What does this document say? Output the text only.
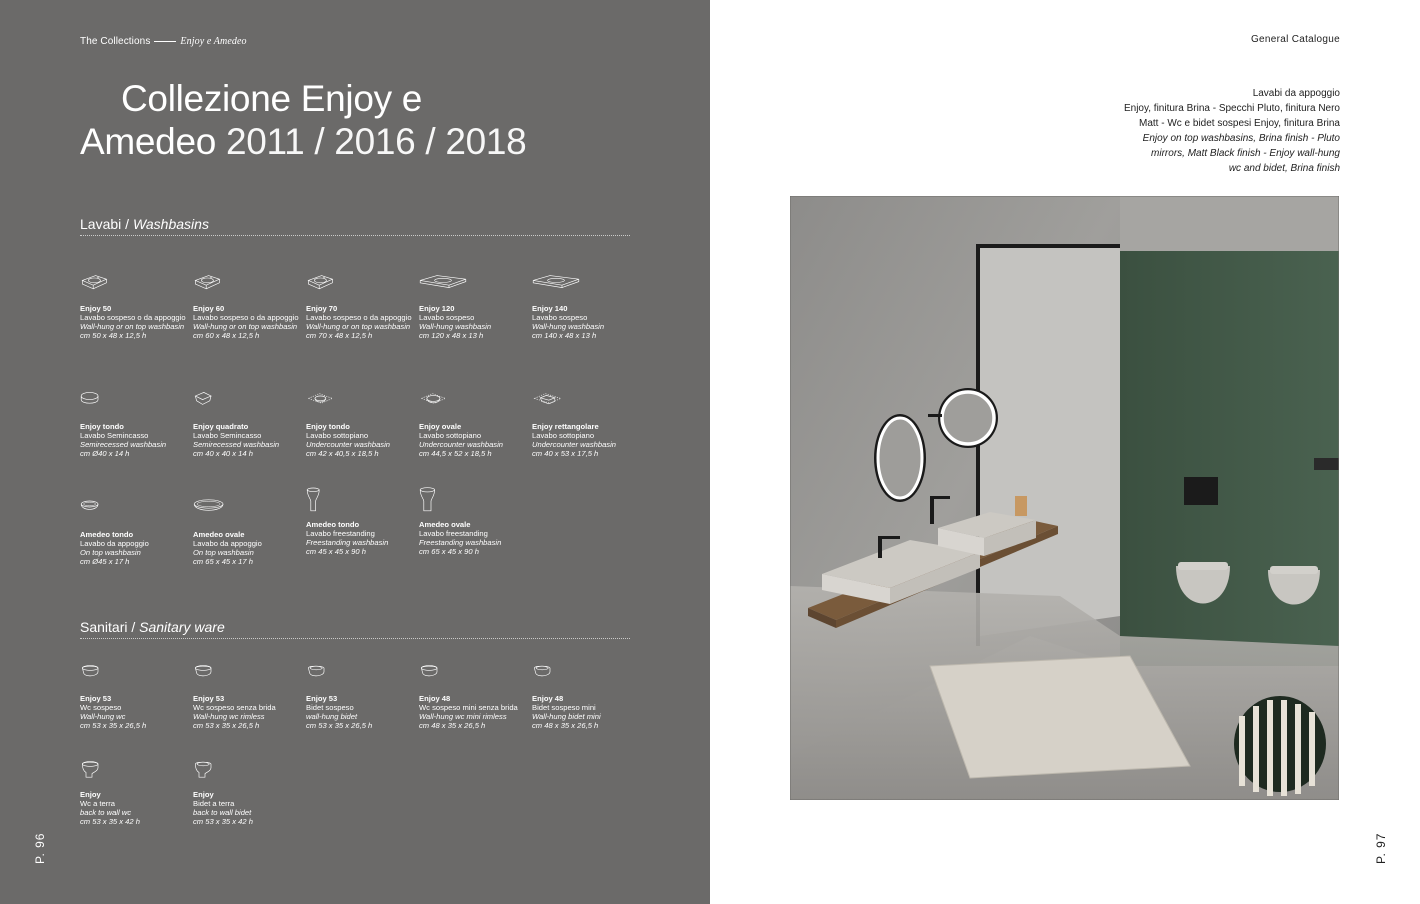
The Collections	Enjoy e Amedeo
Collezione Enjoy e
Amedeo 2011 / 2016 / 2018
Lavabi / Washbasins
Sanitari / Sanitary ware
Enjoy 50
Lavabo sospeso o da appoggio
Wall-hung or on top washbasin
cm 50 x 48 x 12,5 h
Enjoy 60
Lavabo sospeso o da appoggio
Wall-hung or on top washbasin
cm 60 x 48 x 12,5 h
Enjoy 70
Lavabo sospeso o da appoggio
Wall-hung or on top washbasin
cm 70 x 48 x 12,5 h
Enjoy 120
Lavabo sospeso
Wall-hung washbasin
cm 120 x 48 x 13 h
Enjoy 140
Lavabo sospeso
Wall-hung washbasin
cm 140 x 48 x 13 h
Enjoy tondo
Lavabo Semincasso
Semirecessed washbasin
cm Ø40 x 14 h
Enjoy quadrato
Lavabo Semincasso
Semirecessed washbasin
cm 40 x 40 x 14 h
Enjoy tondo
Lavabo sottopiano
Undercounter washbasin
cm 42 x 40,5 x 18,5 h
Enjoy ovale
Lavabo sottopiano
Undercounter washbasin
cm 44,5 x 52 x 18,5 h
Enjoy rettangolare
Lavabo sottopiano
Undercounter washbasin
cm 40 x 53 x 17,5 h
Amedeo tondo
Lavabo da appoggio
On top washbasin
cm Ø45 x 17 h
Amedeo ovale
Lavabo da appoggio
On top washbasin
cm 65 x 45 x 17 h
Amedeo tondo
Lavabo freestanding
Freestanding washbasin
cm 45 x 45 x 90 h
Amedeo ovale
Lavabo freestanding
Freestanding washbasin
cm 65 x 45 x 90 h
Enjoy 53
Wc sospeso
Wall-hung wc
cm 53 x 35 x 26,5 h
Enjoy 53
Wc sospeso senza brida
Wall-hung wc rimless
cm 53 x 35 x 26,5 h
Enjoy 53
Bidet sospeso
wall-hung bidet
cm 53 x 35 x 26,5 h
Enjoy 48
Wc sospeso mini senza brida
Wall-hung wc mini rimless
cm 48 x 35 x 26,5 h
Enjoy 48
Bidet sospeso mini
Wall-hung bidet mini
cm 48 x 35 x 26,5 h
Enjoy
Wc a terra
back to wall wc
cm 53 x 35 x 42 h
Enjoy
Bidet a terra
back to wall bidet
cm 53 x 35 x 42 h
P. 96
General Catalogue
Lavabi da appoggio
Enjoy, finitura Brina - Specchi Pluto, finitura Nero
Matt - Wc e bidet sospesi Enjoy, finitura Brina
Enjoy on top washbasins, Brina finish - Pluto
mirrors, Matt Black finish - Enjoy wall-hung
wc and bidet, Brina finish
P. 97
